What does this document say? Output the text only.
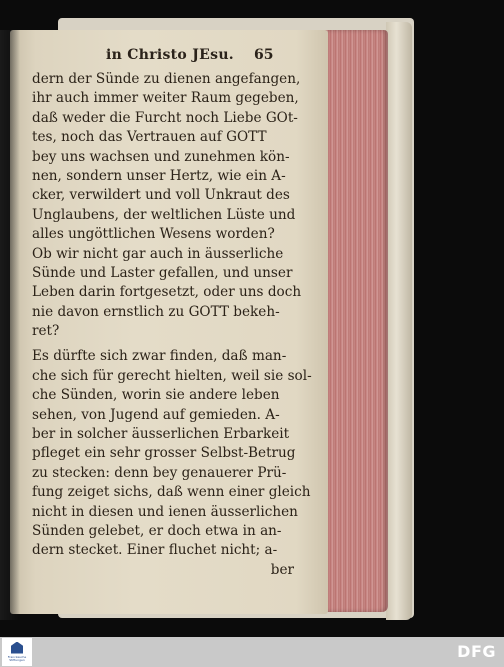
in Christo JEsu. 65
dern der Sünde zu dienen angefangen,
ihr auch immer weiter Raum gegeben,
daß weder die Furcht noch Liebe GOt-
tes, noch das Vertrauen auf GOTT
bey uns wachsen und zunehmen kön-
nen, sondern unser Hertz, wie ein A-
cker, verwildert und voll Unkraut des
Unglaubens, der weltlichen Lüste und
alles ungöttlichen Wesens worden?
Ob wir nicht gar auch in äusserliche
Sünde und Laster gefallen, und unser
Leben darin fortgesetzt, oder uns doch
nie davon ernstlich zu GOTT bekeh-
ret?
Es dürfte sich zwar finden, daß man-
che sich für gerecht hielten, weil sie sol-
che Sünden, worin sie andere leben
sehen, von Jugend auf gemieden. A-
ber in solcher äusserlichen Erbarkeit
pfleget ein sehr grosser Selbst-Betrug
zu stecken: denn bey genauerer Prü-
fung zeiget sichs, daß wenn einer gleich
nicht in diesen und ienen äusserlichen
Sünden gelebet, er doch etwa in an-
dern stecket. Einer fluchet nicht; a-
ber
Franckesche Stiftungen	DFG
